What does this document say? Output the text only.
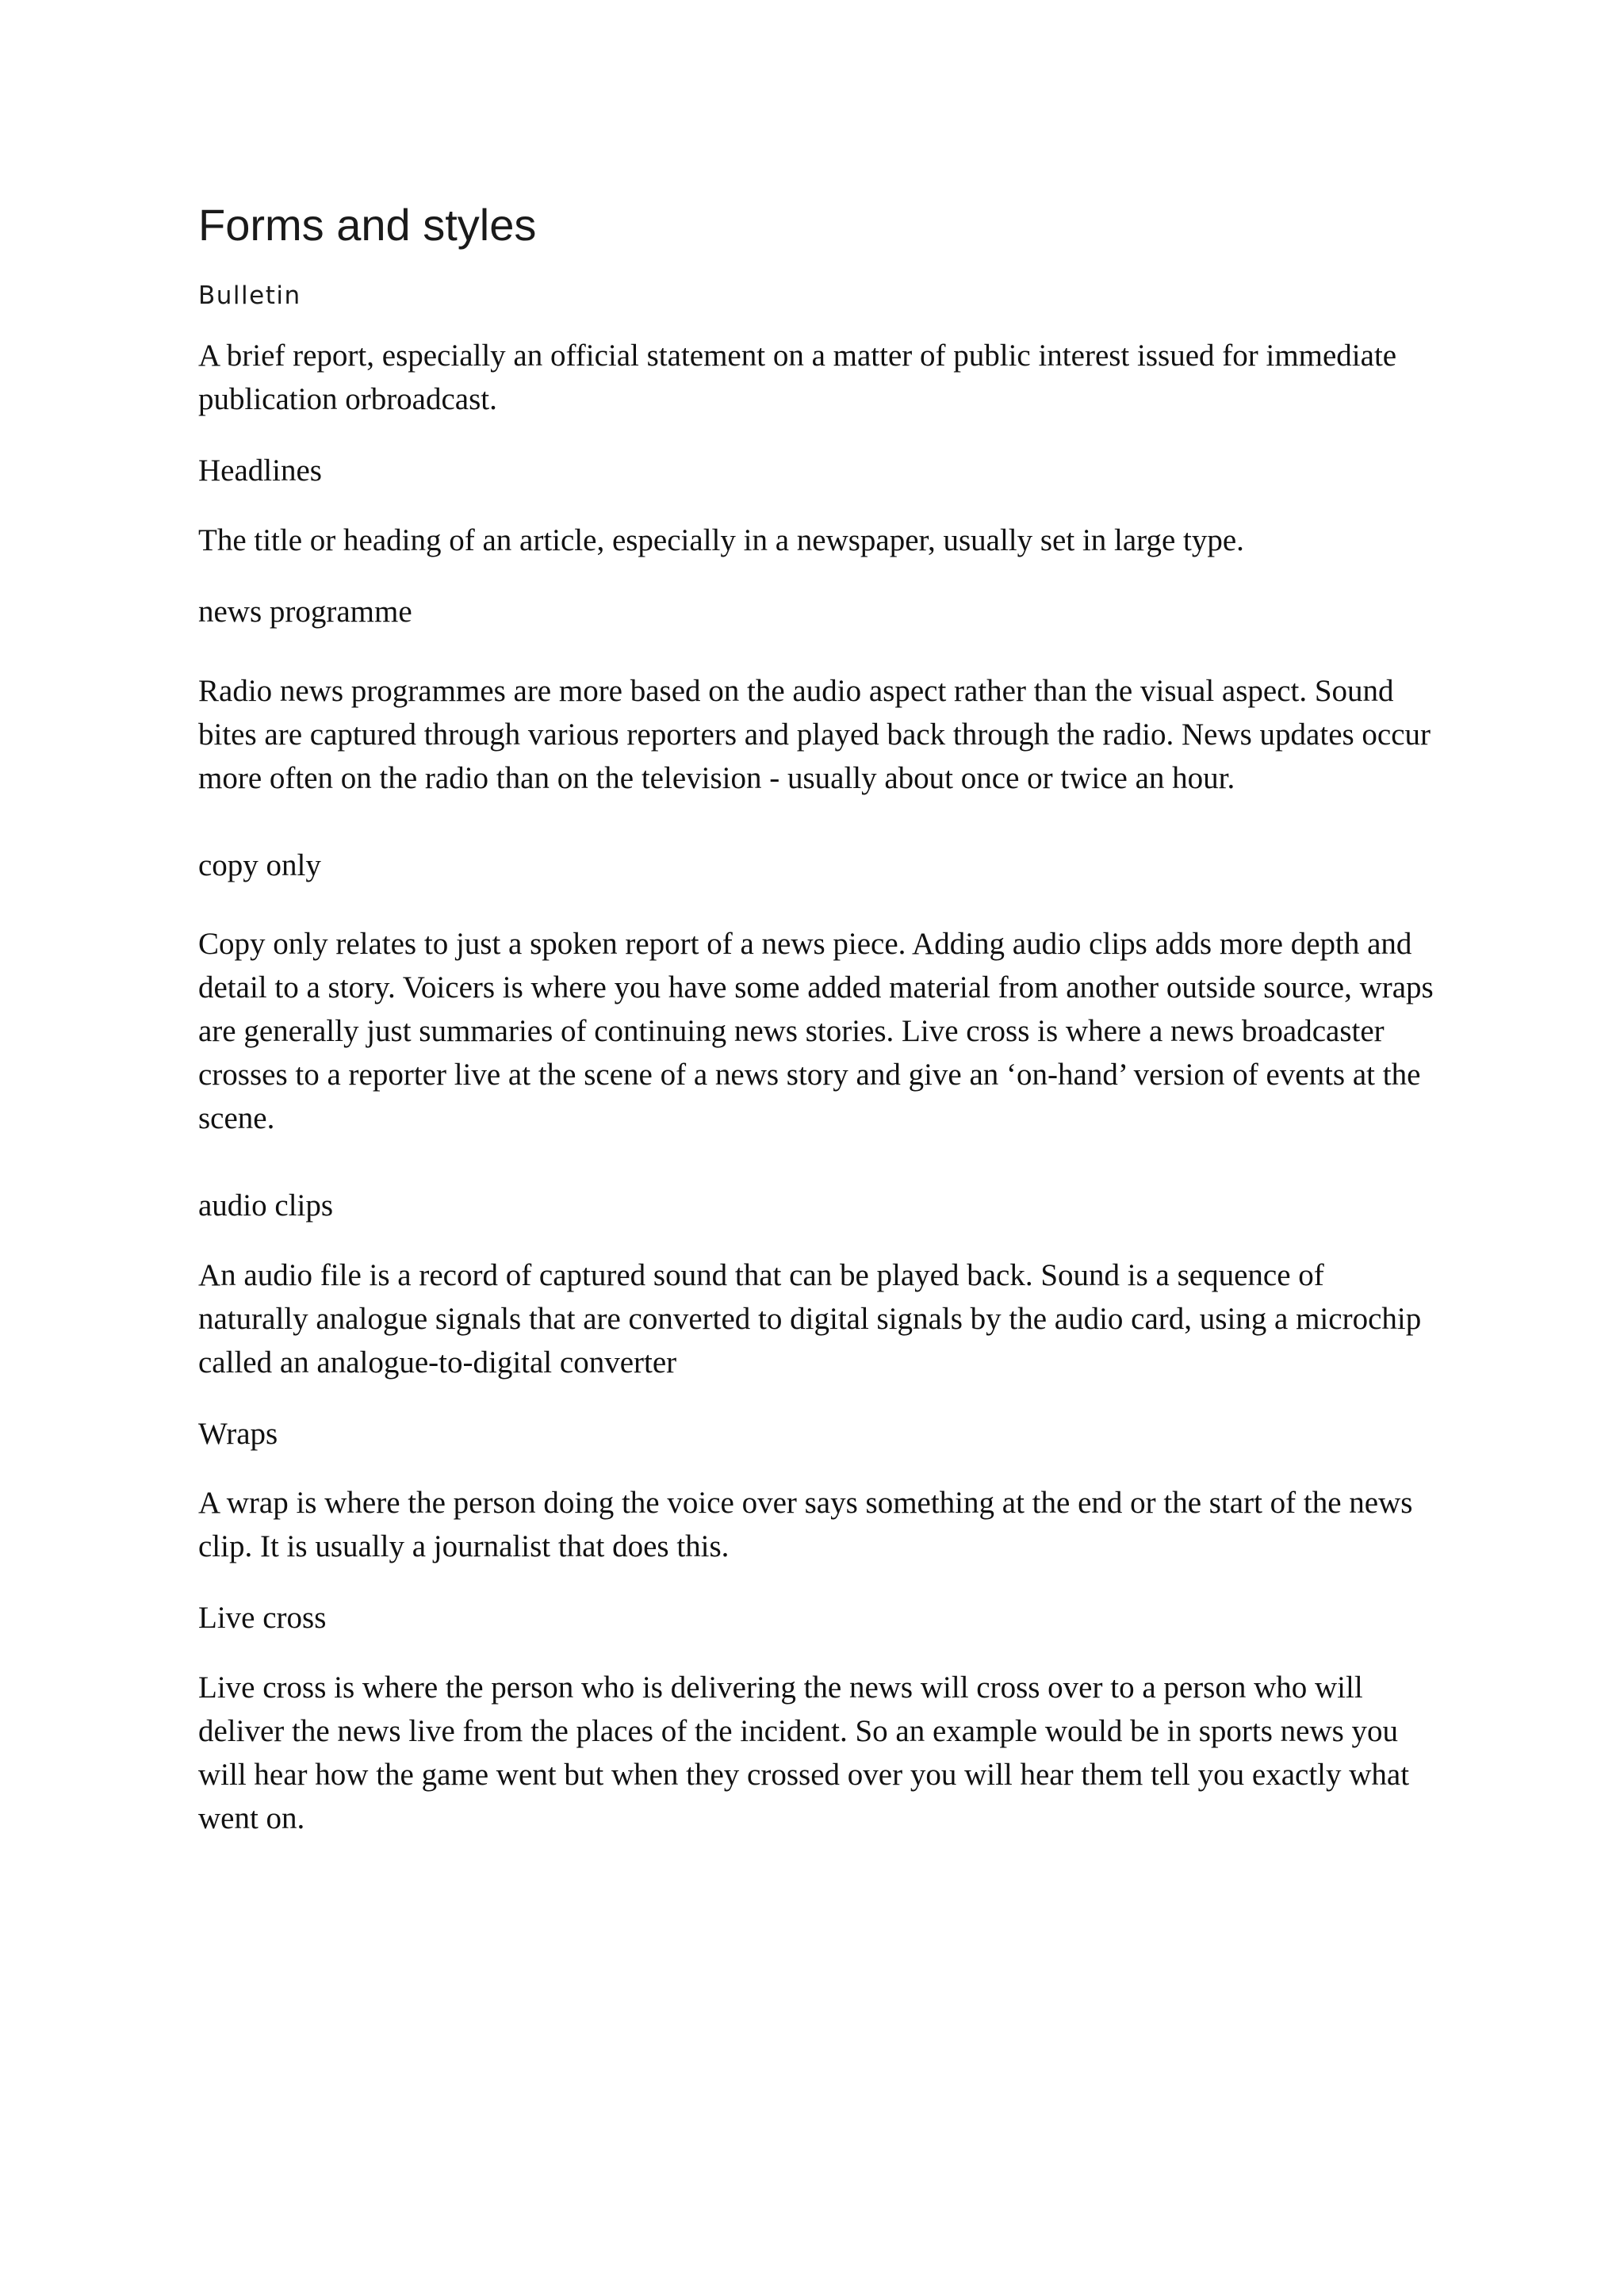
Forms and styles
Bulletin

A brief report, especially an official statement on a matter of public interest issued for immediate publication orbroadcast.

Headlines

The title or heading of an article, especially in a newspaper, usually set in large type.

news programme

Radio news programmes are more based on the audio aspect rather than the visual aspect. Sound bites are captured through various reporters and played back through the radio. News updates occur more often on the radio than on the television - usually about once or twice an hour.

copy only

Copy only relates to just a spoken report of a news piece. Adding audio clips adds more depth and detail to a story. Voicers is where you have some added material from another outside source, wraps are generally just summaries of continuing news stories. Live cross is where a news broadcaster crosses to a reporter live at the scene of a news story and give an ‘on-hand’ version of events at the scene.

audio clips

An audio file is a record of captured sound that can be played back. Sound is a sequence of naturally analogue signals that are converted to digital signals by the audio card, using a microchip called an analogue-to-digital converter

Wraps

A wrap is where the person doing the voice over says something at the end or the start of the news clip. It is usually a journalist that does this.

Live cross

Live cross is where the person who is delivering the news will cross over to a person who will deliver the news live from the places of the incident. So an example would be in sports news you will hear how the game went but when they crossed over you will hear them tell you exactly what went on.
